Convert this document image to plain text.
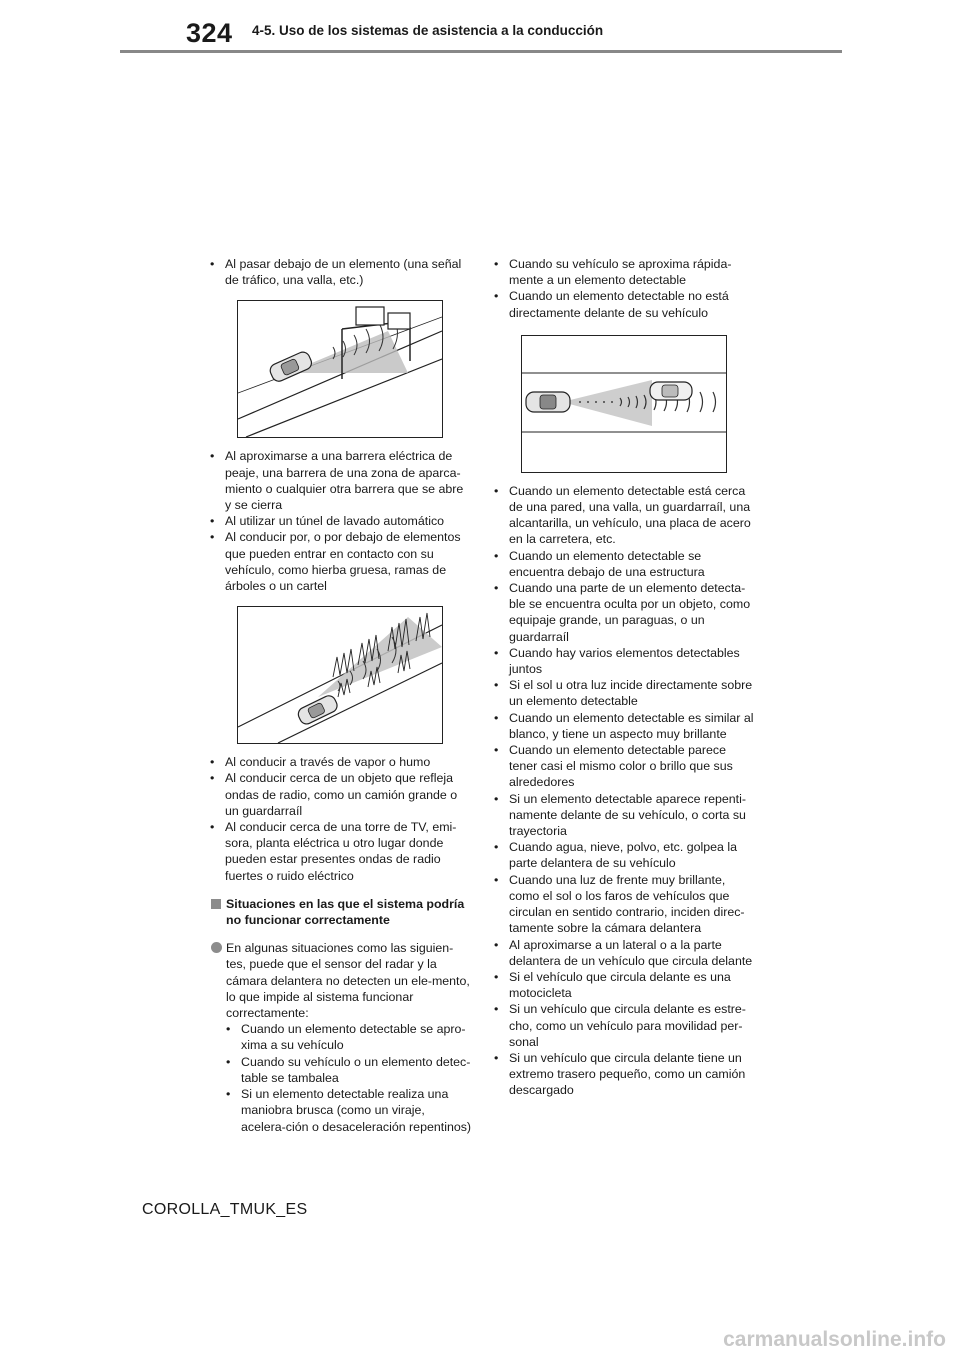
324 4-5. Uso de los sistemas de asistencia a la conducción
• Al pasar debajo de un elemento (una señal de tráfico, una valla, etc.)
• Al aproximarse a una barrera eléctrica de peaje, una barrera de una zona de aparca-miento o cualquier otra barrera que se abre y se cierra
• Al utilizar un túnel de lavado automático
• Al conducir por, o por debajo de elementos que pueden entrar en contacto con su vehículo, como hierba gruesa, ramas de árboles o un cartel
• Al conducir a través de vapor o humo
• Al conducir cerca de un objeto que refleja ondas de radio, como un camión grande o un guardarraíl
• Al conducir cerca de una torre de TV, emi-sora, planta eléctrica u otro lugar donde pueden estar presentes ondas de radio fuertes o ruido eléctrico
Situaciones en las que el sistema podría no funcionar correctamente
En algunas situaciones como las siguien-tes, puede que el sensor del radar y la cámara delantera no detecten un ele-mento, lo que impide al sistema funcionar correctamente:
• Cuando un elemento detectable se apro-xima a su vehículo
• Cuando su vehículo o un elemento detec-table se tambalea
• Si un elemento detectable realiza una maniobra brusca (como un viraje, acelera-ción o desaceleración repentinos)
• Cuando su vehículo se aproxima rápida-mente a un elemento detectable
• Cuando un elemento detectable no está directamente delante de su vehículo
• Cuando un elemento detectable está cerca de una pared, una valla, un guardarraíl, una alcantarilla, un vehículo, una placa de acero en la carretera, etc.
• Cuando un elemento detectable se encuentra debajo de una estructura
• Cuando una parte de un elemento detecta-ble se encuentra oculta por un objeto, como equipaje grande, un paraguas, o un guardarraíl
• Cuando hay varios elementos detectables juntos
• Si el sol u otra luz incide directamente sobre un elemento detectable
• Cuando un elemento detectable es similar al blanco, y tiene un aspecto muy brillante
• Cuando un elemento detectable parece tener casi el mismo color o brillo que sus alrededores
• Si un elemento detectable aparece repenti-namente delante de su vehículo, o corta su trayectoria
• Cuando agua, nieve, polvo, etc. golpea la parte delantera de su vehículo
• Cuando una luz de frente muy brillante, como el sol o los faros de vehículos que circulan en sentido contrario, inciden direc-tamente sobre la cámara delantera
• Al aproximarse a un lateral o a la parte delantera de un vehículo que circula delante
• Si el vehículo que circula delante es una motocicleta
• Si un vehículo que circula delante es estre-cho, como un vehículo para movilidad per-sonal
• Si un vehículo que circula delante tiene un extremo trasero pequeño, como un camión descargado
COROLLA_TMUK_ES
carmanualsonline.info
